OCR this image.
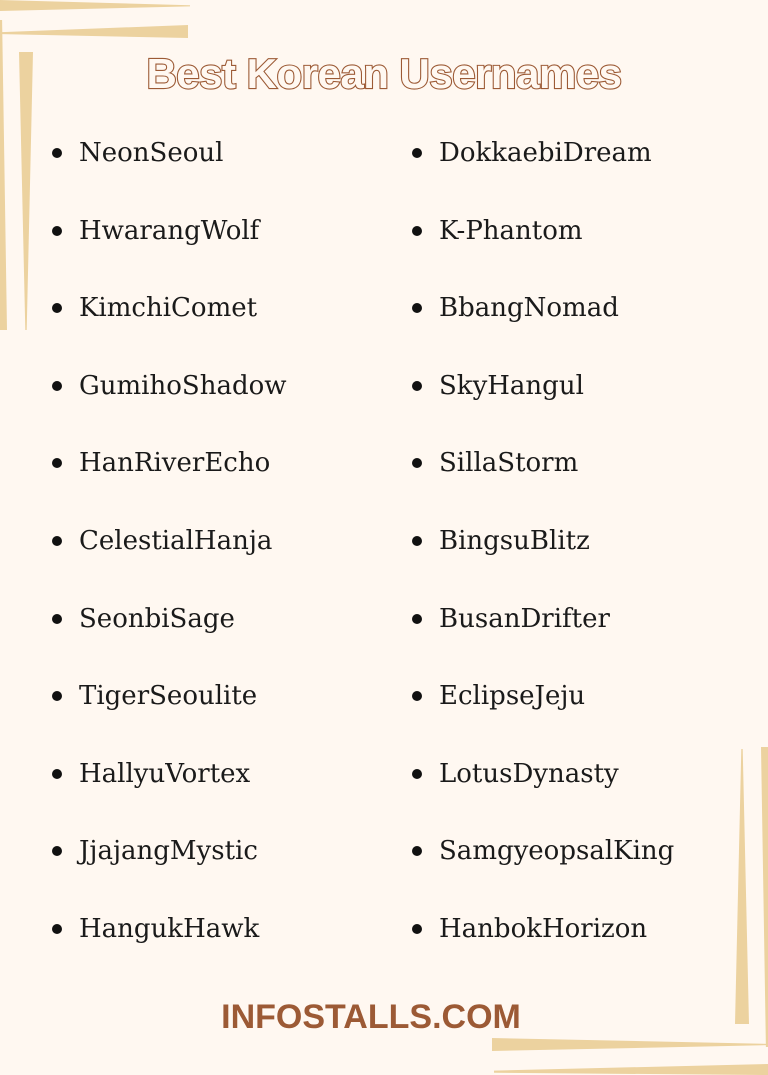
Best Korean Usernames
NeonSeoul
HwarangWolf
KimchiComet
GumihoShadow
HanRiverEcho
CelestialHanja
SeonbiSage
TigerSeoulite
HallyuVortex
JjajangMystic
HangukHawk
DokkaebiDream
K-Phantom
BbangNomad
SkyHangul
SillaStorm
BingsuBlitz
BusanDrifter
EclipseJeju
LotusDynasty
SamgyeopsalKing
HanbokHorizon
INFOSTALLS.COM
